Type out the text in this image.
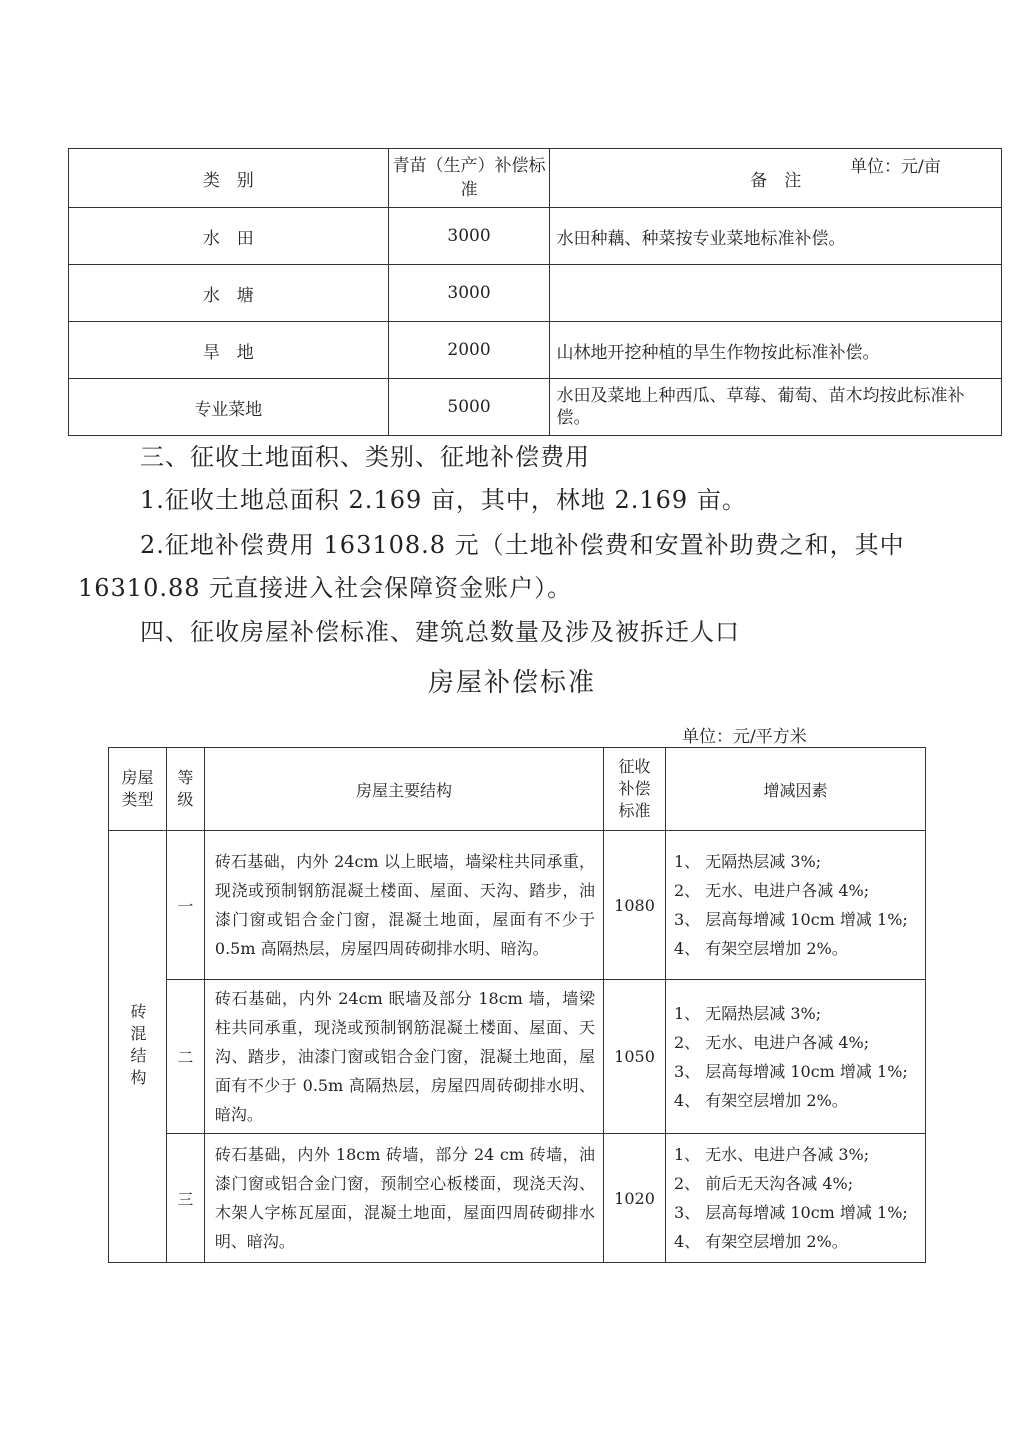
单位：元/亩
类　别	青苗（生产）补偿标准	备　注
水　田	3000	水田种藕、种菜按专业菜地标准补偿。
水　塘	3000	
旱　地	2000	山林地开挖种植的旱生作物按此标准补偿。
专业菜地	5000	水田及菜地上种西瓜、草莓、葡萄、苗木均按此标准补偿。
三、征收土地面积、类别、征地补偿费用
1.征收土地总面积 2.169 亩，其中，林地 2.169 亩。
2.征地补偿费用 163108.8 元（土地补偿费和安置补助费之和，其中
16310.88 元直接进入社会保障资金账户）。
四、征收房屋补偿标准、建筑总数量及涉及被拆迁人口
房屋补偿标准
单位：元/平方米
房屋类型	等级	房屋主要结构	征收补偿标准	增减因素

砖混结构	一	砖石基础，内外 24cm 以上眠墙，墙梁柱共同承重，现浇或预制钢筋混凝土楼面、屋面、天沟、踏步，油漆门窗或铝合金门窗，混凝土地面，屋面有不少于 0.5m 高隔热层，房屋四周砖砌排水明、暗沟。	1080	1、 无隔热层减 3%;
2、 无水、电进户各减 4%;
3、 层高每增减 10cm 增减 1%;
4、 有架空层增加 2%。

	二	砖石基础，内外 24cm 眠墙及部分 18cm 墙，墙梁柱共同承重，现浇或预制钢筋混凝土楼面、屋面、天沟、踏步，油漆门窗或铝合金门窗，混凝土地面，屋面有不少于 0.5m 高隔热层，房屋四周砖砌排水明、暗沟。	1050	1、 无隔热层减 3%;
2、 无水、电进户各减 4%;
3、 层高每增减 10cm 增减 1%;
4、 有架空层增加 2%。

	三	砖石基础，内外 18cm 砖墙，部分 24 cm 砖墙，油漆门窗或铝合金门窗，预制空心板楼面，现浇天沟、木架人字栋瓦屋面，混凝土地面，屋面四周砖砌排水明、暗沟。	1020	1、 无水、电进户各减 3%;
2、 前后无天沟各减 4%;
3、 层高每增减 10cm 增减 1%;
4、 有架空层增加 2%。
